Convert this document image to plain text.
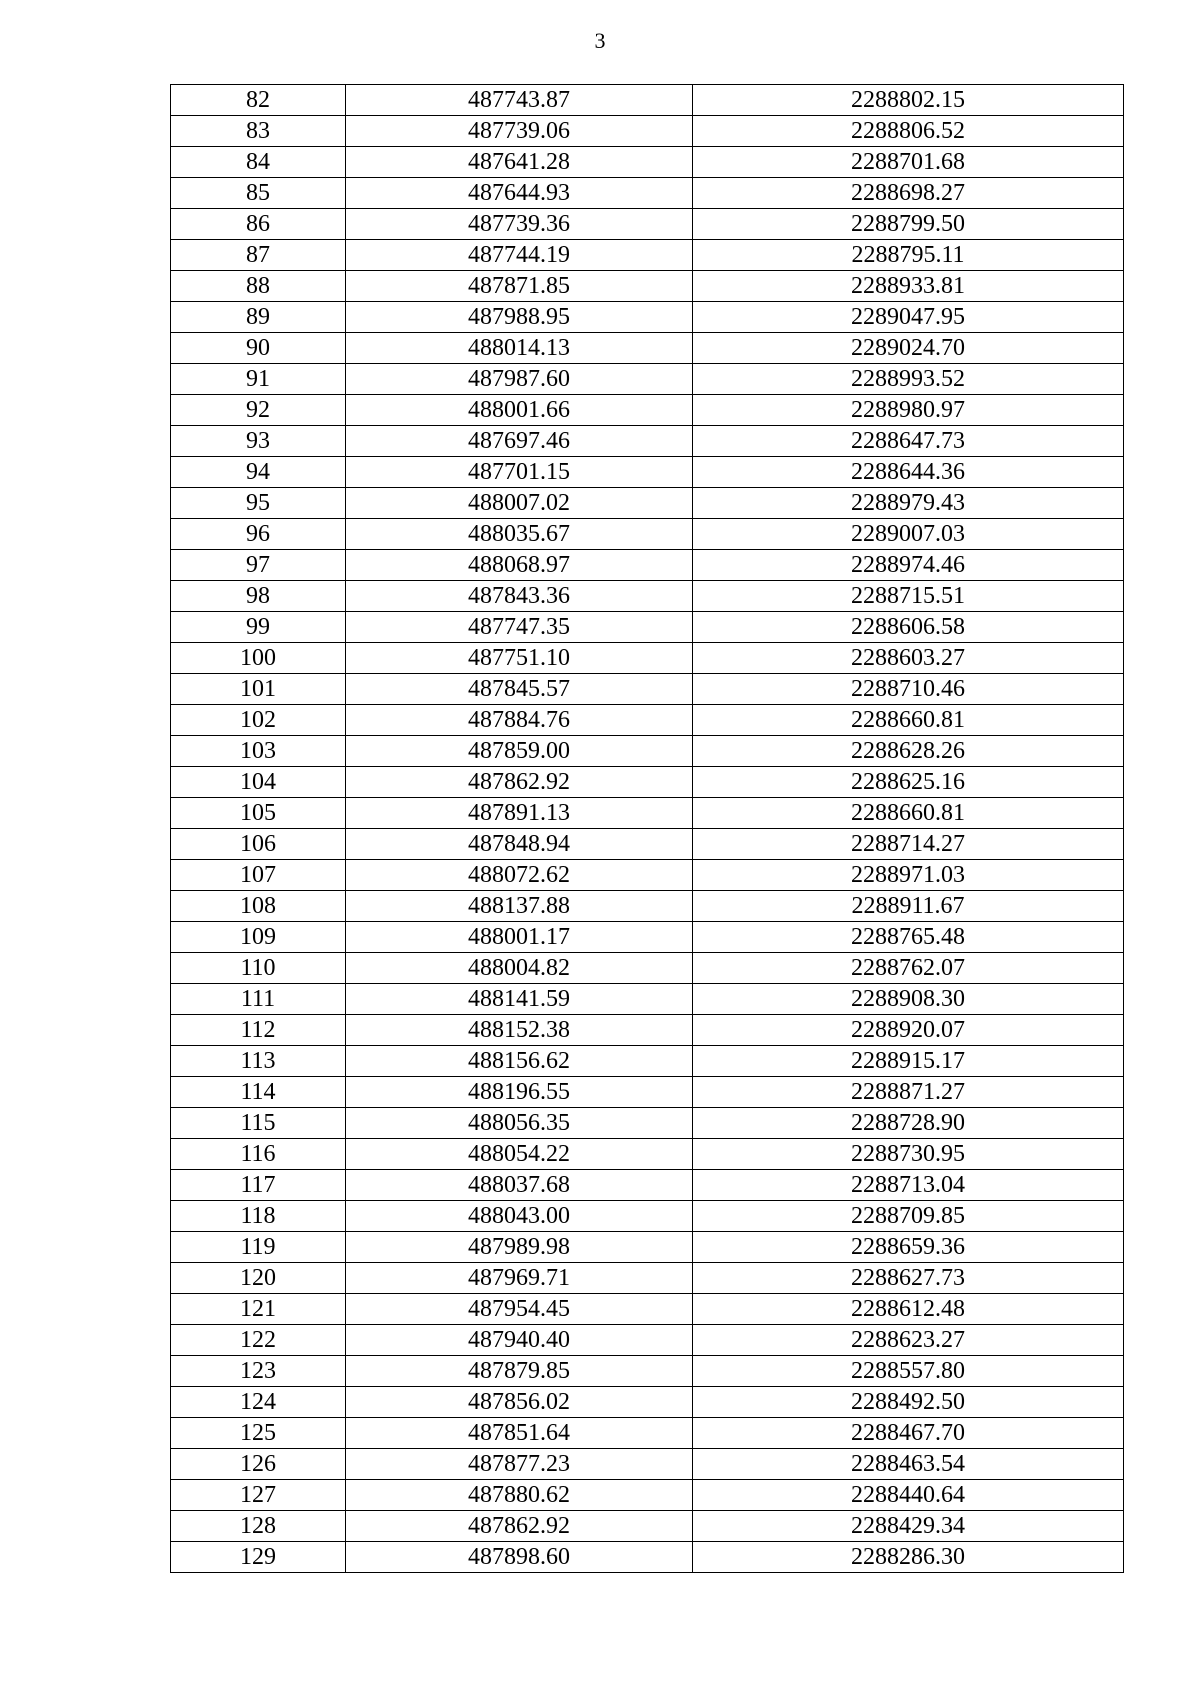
3
82	487743.87	2288802.15
83	487739.06	2288806.52
84	487641.28	2288701.68
85	487644.93	2288698.27
86	487739.36	2288799.50
87	487744.19	2288795.11
88	487871.85	2288933.81
89	487988.95	2289047.95
90	488014.13	2289024.70
91	487987.60	2288993.52
92	488001.66	2288980.97
93	487697.46	2288647.73
94	487701.15	2288644.36
95	488007.02	2288979.43
96	488035.67	2289007.03
97	488068.97	2288974.46
98	487843.36	2288715.51
99	487747.35	2288606.58
100	487751.10	2288603.27
101	487845.57	2288710.46
102	487884.76	2288660.81
103	487859.00	2288628.26
104	487862.92	2288625.16
105	487891.13	2288660.81
106	487848.94	2288714.27
107	488072.62	2288971.03
108	488137.88	2288911.67
109	488001.17	2288765.48
110	488004.82	2288762.07
111	488141.59	2288908.30
112	488152.38	2288920.07
113	488156.62	2288915.17
114	488196.55	2288871.27
115	488056.35	2288728.90
116	488054.22	2288730.95
117	488037.68	2288713.04
118	488043.00	2288709.85
119	487989.98	2288659.36
120	487969.71	2288627.73
121	487954.45	2288612.48
122	487940.40	2288623.27
123	487879.85	2288557.80
124	487856.02	2288492.50
125	487851.64	2288467.70
126	487877.23	2288463.54
127	487880.62	2288440.64
128	487862.92	2288429.34
129	487898.60	2288286.30
